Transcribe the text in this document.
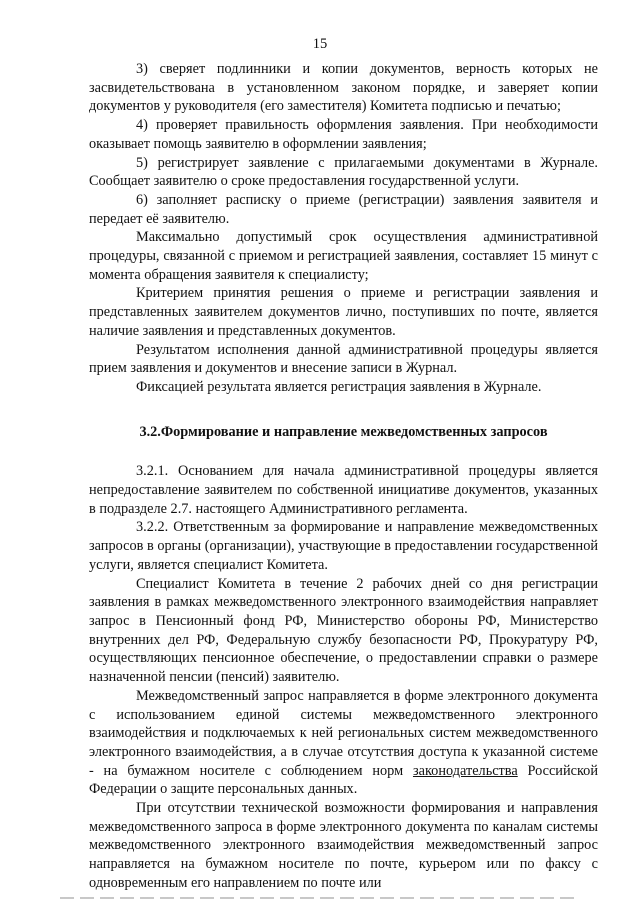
15

3) сверяет подлинники и копии документов, верность которых не засвидетельствована в установленном законом порядке, и заверяет копии документов у руководителя (его заместителя) Комитета подписью и печатью;

4) проверяет правильность оформления заявления. При необходимости оказывает помощь заявителю в оформлении заявления;

5) регистрирует заявление с прилагаемыми документами в Журнале. Сообщает заявителю о сроке предоставления государственной услуги.

6) заполняет расписку о приеме (регистрации) заявления заявителя и передает её заявителю.

Максимально допустимый срок осуществления административной процедуры, связанной с приемом и регистрацией заявления, составляет 15 минут с момента обращения заявителя к специалисту;

Критерием принятия решения о приеме и регистрации заявления и представленных заявителем документов лично, поступивших по почте, является наличие заявления и представленных документов.

Результатом исполнения данной административной процедуры является прием заявления и документов и внесение записи в Журнал.

Фиксацией результата является регистрация заявления в Журнале.

3.2.Формирование и направление межведомственных запросов

3.2.1. Основанием для начала административной процедуры является непредоставление заявителем по собственной инициативе документов, указанных в подразделе 2.7. настоящего Административного регламента.

3.2.2. Ответственным за формирование и направление межведомственных запросов в органы (организации), участвующие в предоставлении государственной услуги, является специалист Комитета.

Специалист Комитета в течение 2 рабочих дней со дня регистрации заявления в рамках межведомственного электронного взаимодействия направляет запрос в Пенсионный фонд РФ, Министерство обороны РФ, Министерство внутренних дел РФ, Федеральную службу безопасности РФ, Прокуратуру РФ, осуществляющих пенсионное обеспечение, о предоставлении справки о размере назначенной пенсии (пенсий) заявителю.

Межведомственный запрос направляется в форме электронного документа с использованием единой системы межведомственного электронного взаимодействия и подключаемых к ней региональных систем межведомственного электронного взаимодействия, а в случае отсутствия доступа к указанной системе - на бумажном носителе с соблюдением норм законодательства Российской Федерации о защите персональных данных.

При отсутствии технической возможности формирования и направления межведомственного запроса в форме электронного документа по каналам системы межведомственного электронного взаимодействия межведомственный запрос направляется на бумажном носителе по почте, курьером или по факсу с одновременным его направлением по почте или
